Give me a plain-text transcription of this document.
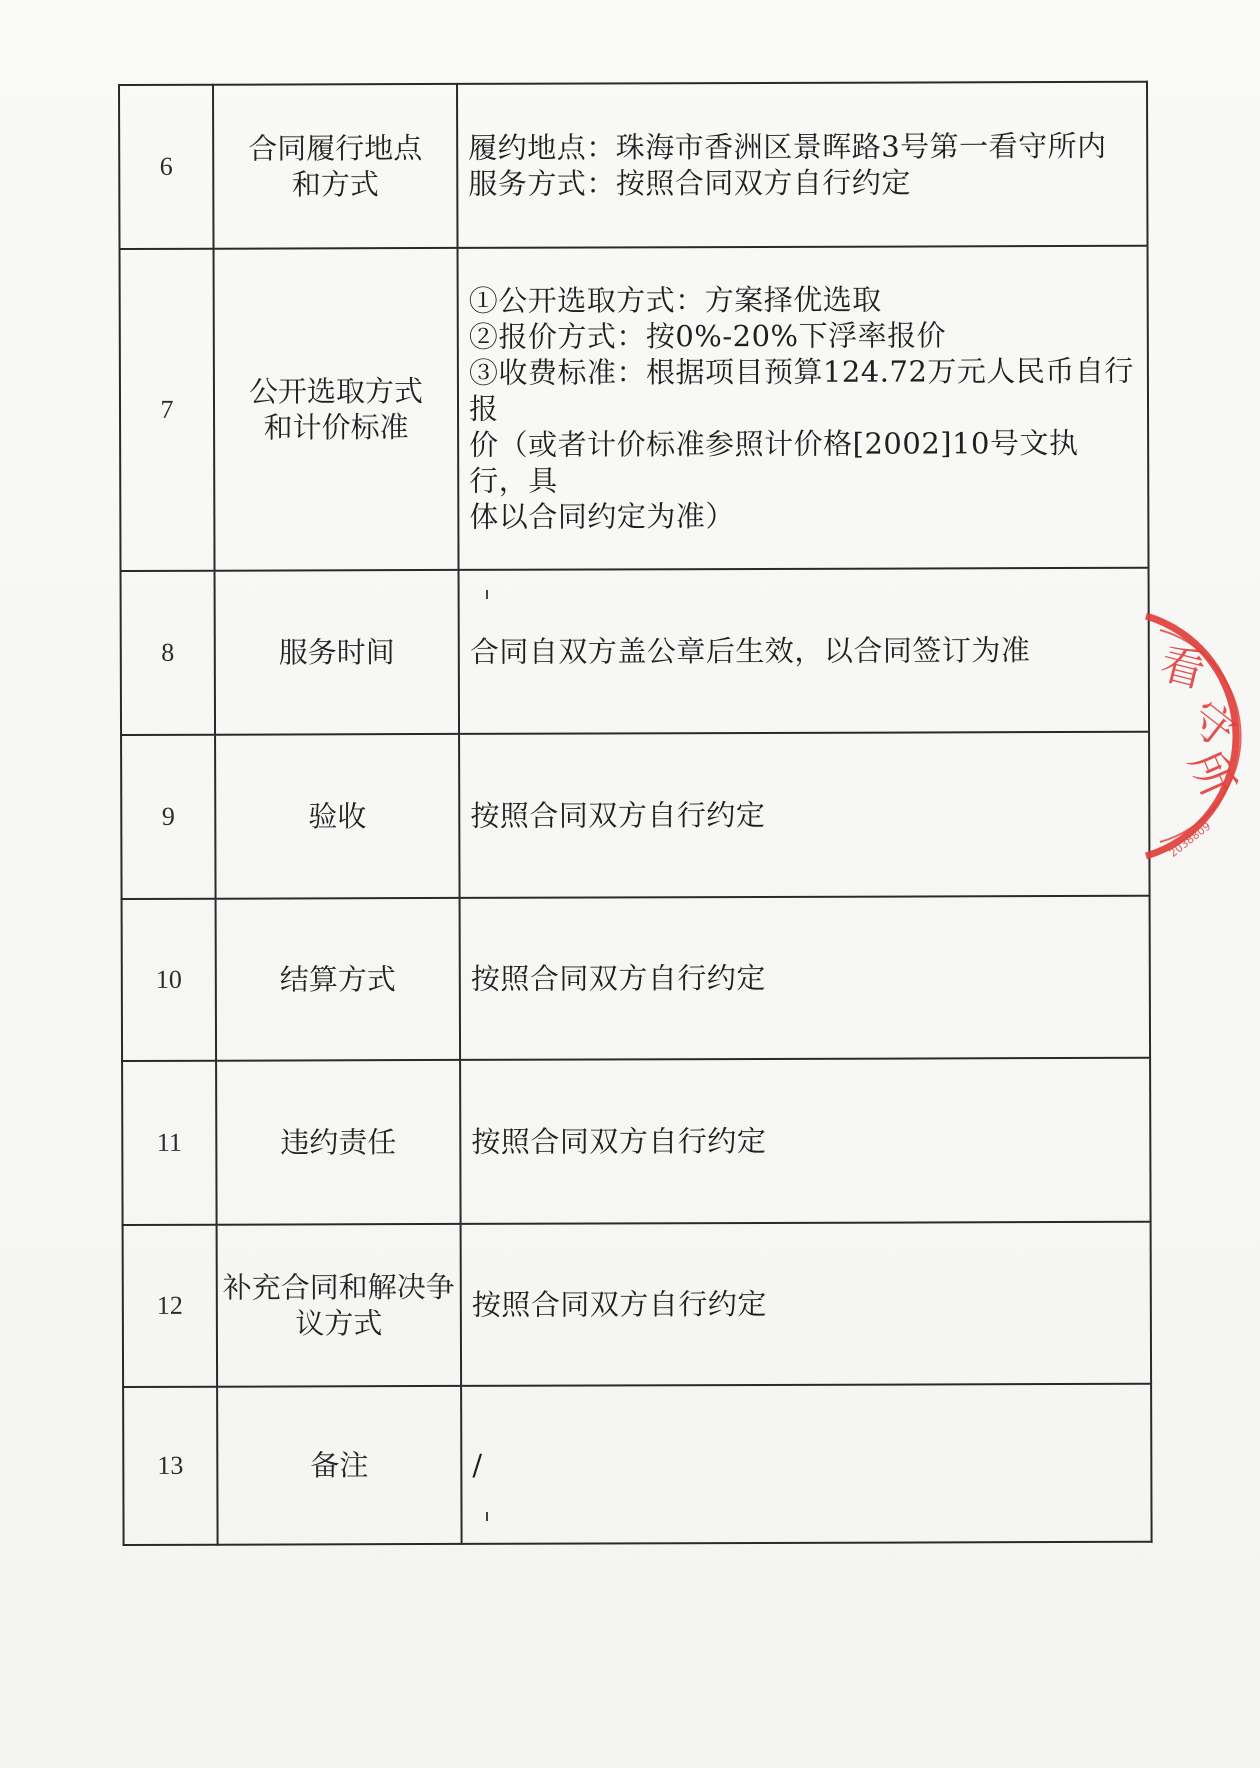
6	合同履行地点
和方式	履约地点：珠海市香洲区景晖路3号第一看守所内
服务方式：按照合同双方自行约定

7	公开选取方式
和计价标准	①公开选取方式：方案择优选取
②报价方式：按0%-20%下浮率报价
③收费标准：根据项目预算124.72万元人民币自行报
价（或者计价标准参照计价格[2002]10号文执行，具
体以合同约定为准）

8	服务时间	合同自双方盖公章后生效，以合同签订为准

9	验收	按照合同双方自行约定

10	结算方式	按照合同双方自行约定

11	违约责任	按照合同双方自行约定

12	补充合同和解决争
议方式	按照合同双方自行约定

13	备注	/
看
守
所
2038809
